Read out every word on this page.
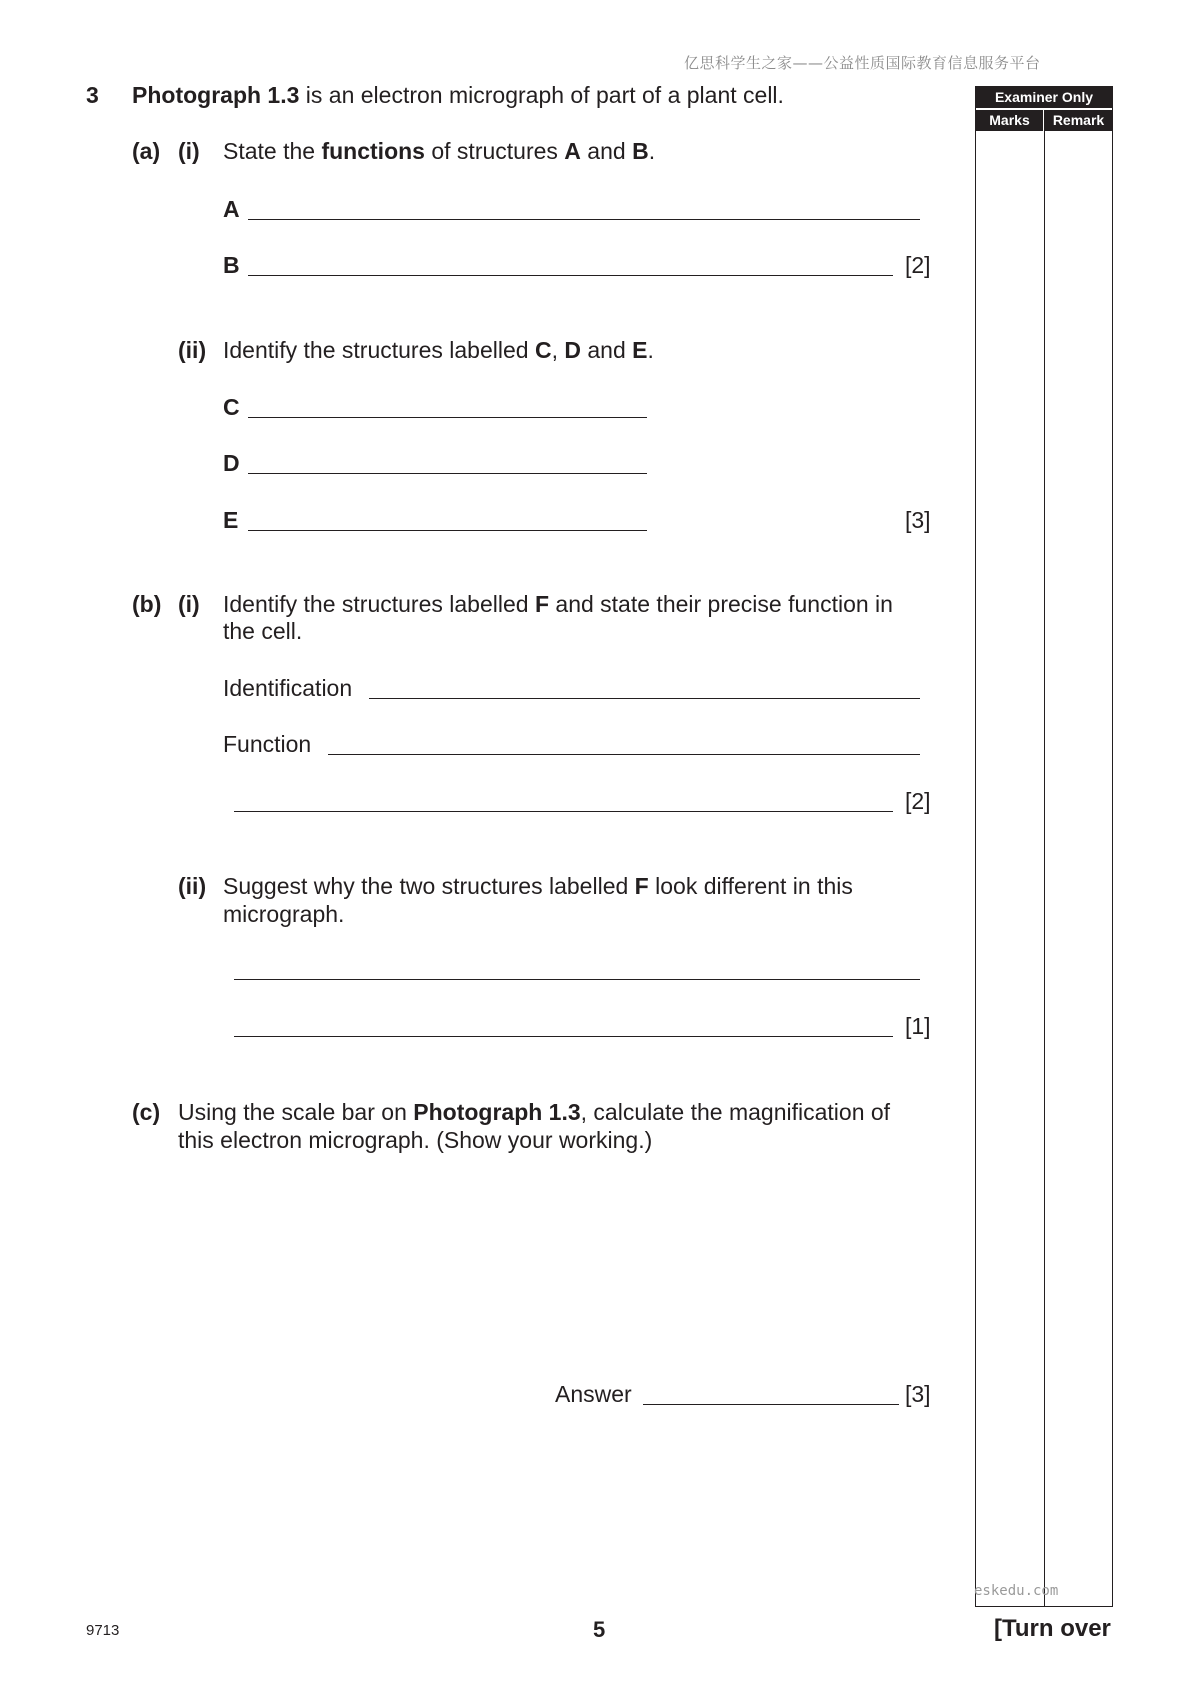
亿思科学生之家——公益性质国际教育信息服务平台
3 Photograph 1.3 is an electron micrograph of part of a plant cell.
(a) (i) State the functions of structures A and B.
A
B	[2]
(ii) Identify the structures labelled C, D and E.
C
D
E	[3]
(b) (i) Identify the structures labelled F and state their precise function in
the cell.
Identification
Function
[2]
(ii) Suggest why the two structures labelled F look different in this
micrograph.
[1]
(c) Using the scale bar on Photograph 1.3, calculate the magnification of
this electron micrograph. (Show your working.)
Answer	[3]
Examiner Only
Marks	Remark
eskedu.com
9713	5	[Turn over
